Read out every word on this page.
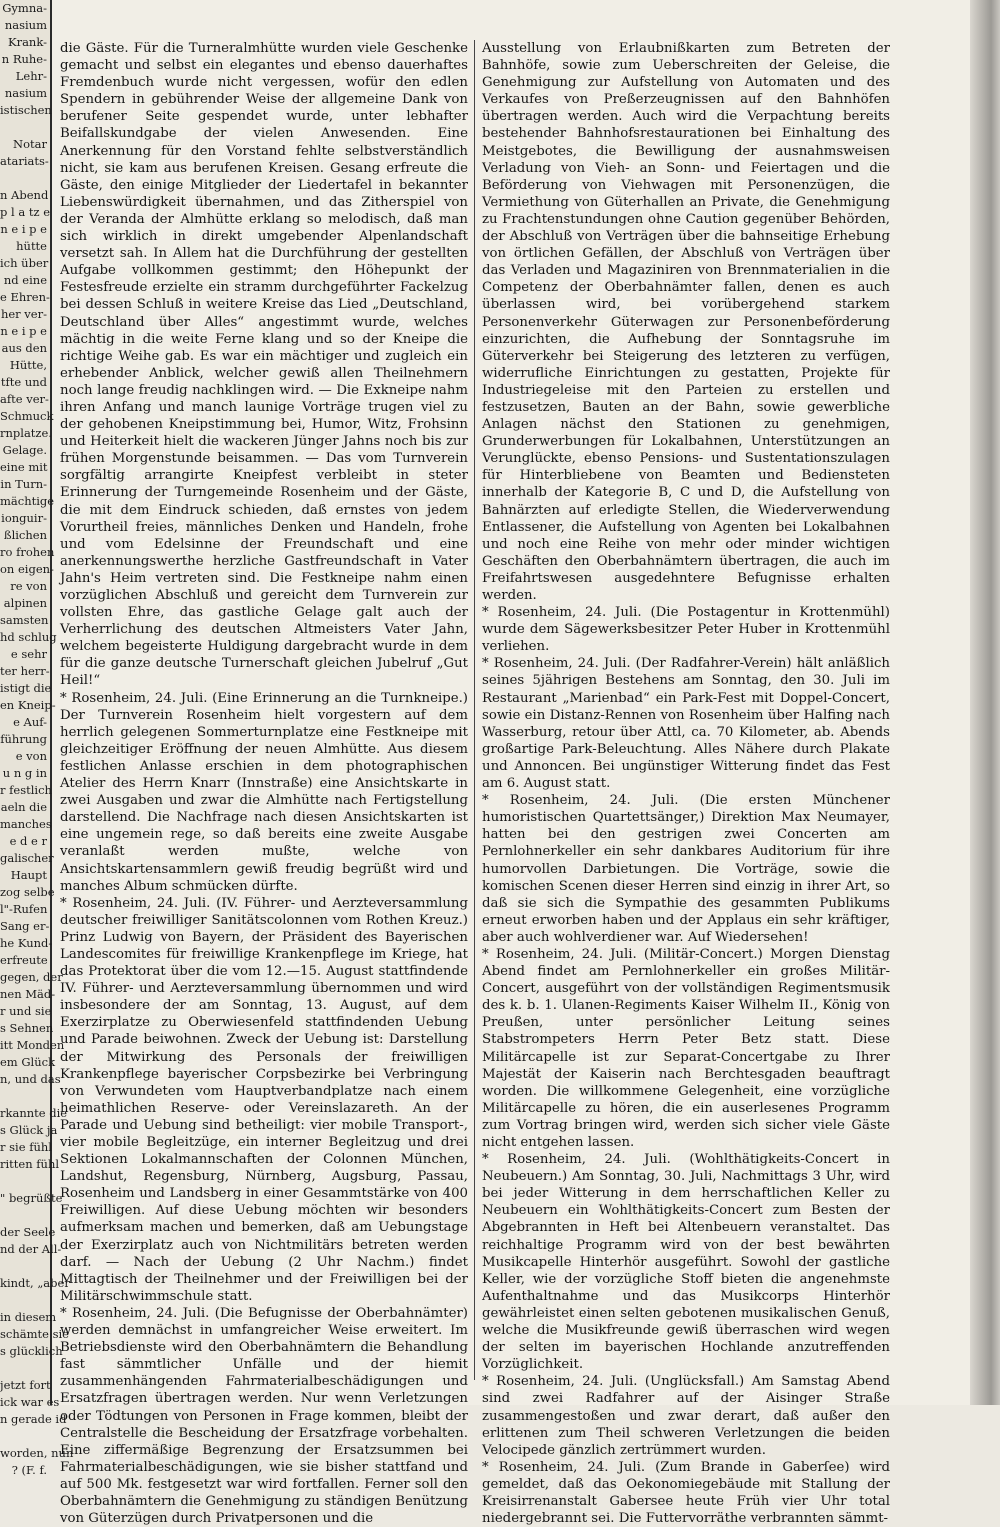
Gymna-
nasium
Krank-
n Ruhe-
Lehr-
nasium
istischen

Notar
atariats-

n Abend
p l a tz e
n e i p e
hütte
ich über
nd eine
e Ehren-
her ver-
n e i p e
aus den
Hütte,
tfte und
afte ver-
Schmuck
rnplatze.
Gelage.
eine mit
in Turn-
mächtige
ionguir-
ßlichen
ro frohen
on eigen-
re von
alpinen
samsten
hd schlug
e sehr
ter herr-
istigt die
en Kneip-
e Auf-
führung
e von
u n g in
r festlich
aeln die
manches
e d e r
galischer
Haupt
zog selbe
l"-Rufen
Sang er-
he Kund-
erfreute
gegen, der
nen Mäd-
r und sie
s Sehnen
itt Monden
em Glück
n, und das

rkannte die
s Glück ja
r sie fühl
ritten fühl

" begrüßte

der Seele
nd der All-

kindt, „aber

in diesem
schämte sie
s glücklich

jetzt fort
ick war es
n gerade id

worden, nun
? (F. f.

die Gäste. Für die Turneralmhütte wurden viele Geschenke gemacht und selbst ein elegantes und ebenso dauerhaftes Fremdenbuch wurde nicht vergessen, wofür den edlen Spendern in gebührender Weise der allgemeine Dank von berufener Seite gespendet wurde, unter lebhafter Beifallskundgabe der vielen Anwesenden. Eine Anerkennung für den Vorstand fehlte selbstverständlich nicht, sie kam aus berufenen Kreisen. Gesang erfreute die Gäste, den einige Mitglieder der Liedertafel in bekannter Liebenswürdigkeit übernahmen, und das Zitherspiel von der Veranda der Almhütte erklang so melodisch, daß man sich wirklich in direkt umgebender Alpenlandschaft versetzt sah. In Allem hat die Durchführung der gestellten Aufgabe vollkommen gestimmt; den Höhepunkt der Festesfreude erzielte ein stramm durchgeführter Fackelzug bei dessen Schluß in weitere Kreise das Lied „Deutschland, Deutschland über Alles“ angestimmt wurde, welches mächtig in die weite Ferne klang und so der Kneipe die richtige Weihe gab. Es war ein mächtiger und zugleich ein erhebender Anblick, welcher gewiß allen Theilnehmern noch lange freudig nachklingen wird. — Die Exkneipe nahm ihren Anfang und manch launige Vorträge trugen viel zu der gehobenen Kneipstimmung bei, Humor, Witz, Frohsinn und Heiterkeit hielt die wackeren Jünger Jahns noch bis zur frühen Morgenstunde beisammen. — Das vom Turnverein sorgfältig arrangirte Kneipfest verbleibt in steter Erinnerung der Turngemeinde Rosenheim und der Gäste, die mit dem Eindruck schieden, daß ernstes von jedem Vorurtheil freies, männliches Denken und Handeln, frohe und vom Edelsinne der Freundschaft und eine anerkennungswerthe herzliche Gastfreundschaft in Vater Jahn's Heim vertreten sind. Die Festkneipe nahm einen vorzüglichen Abschluß und gereicht dem Turnverein zur vollsten Ehre, das gastliche Gelage galt auch der Verherrlichung des deutschen Altmeisters Vater Jahn, welchem begeisterte Huldigung dargebracht wurde in dem für die ganze deutsche Turnerschaft gleichen Jubelruf „Gut Heil!“

* Rosenheim, 24. Juli. (Eine Erinnerung an die Turnkneipe.) Der Turnverein Rosenheim hielt vorgestern auf dem herrlich gelegenen Sommerturnplatze eine Festkneipe mit gleichzeitiger Eröffnung der neuen Almhütte. Aus diesem festlichen Anlasse erschien in dem photographischen Atelier des Herrn Knarr (Innstraße) eine Ansichtskarte in zwei Ausgaben und zwar die Almhütte nach Fertigstellung darstellend. Die Nachfrage nach diesen Ansichtskarten ist eine ungemein rege, so daß bereits eine zweite Ausgabe veranlaßt werden mußte, welche von Ansichtskartensammlern gewiß freudig begrüßt wird und manches Album schmücken dürfte.

* Rosenheim, 24. Juli. (IV. Führer- und Aerzteversammlung deutscher freiwilliger Sanitätscolonnen vom Rothen Kreuz.) Prinz Ludwig von Bayern, der Präsident des Bayerischen Landescomites für freiwillige Krankenpflege im Kriege, hat das Protektorat über die vom 12.—15. August stattfindende IV. Führer- und Aerzteversammlung übernommen und wird insbesondere der am Sonntag, 13. August, auf dem Exerzirplatze zu Oberwiesenfeld stattfindenden Uebung und Parade beiwohnen. Zweck der Uebung ist: Darstellung der Mitwirkung des Personals der freiwilligen Krankenpflege bayerischer Corpsbezirke bei Verbringung von Verwundeten vom Hauptverbandplatze nach einem heimathlichen Reserve- oder Vereinslazareth. An der Parade und Uebung sind betheiligt: vier mobile Transport-, vier mobile Begleitzüge, ein interner Begleitzug und drei Sektionen Lokalmannschaften der Colonnen München, Landshut, Regensburg, Nürnberg, Augsburg, Passau, Rosenheim und Landsberg in einer Gesammtstärke von 400 Freiwilligen. Auf diese Uebung möchten wir besonders aufmerksam machen und bemerken, daß am Uebungstage der Exerzirplatz auch von Nichtmilitärs betreten werden darf. — Nach der Uebung (2 Uhr Nachm.) findet Mittagtisch der Theilnehmer und der Freiwilligen bei der Militärschwimmschule statt.

* Rosenheim, 24. Juli. (Die Befugnisse der Oberbahnämter) werden demnächst in umfangreicher Weise erweitert. Im Betriebsdienste wird den Oberbahnämtern die Behandlung fast sämmtlicher Unfälle und der hiemit zusammenhängenden Fahrmaterialbeschädigungen und Ersatzfragen übertragen werden. Nur wenn Verletzungen oder Tödtungen von Personen in Frage kommen, bleibt der Centralstelle die Bescheidung der Ersatzfrage vorbehalten. Eine ziffermäßige Begrenzung der Ersatzsummen bei Fahrmaterialbeschädigungen, wie sie bisher stattfand und auf 500 Mk. festgesetzt war wird fortfallen. Ferner soll den Oberbahnämtern die Genehmigung zu ständigen Benützung von Güterzügen durch Privatpersonen und die

Ausstellung von Erlaubnißkarten zum Betreten der Bahnhöfe, sowie zum Ueberschreiten der Geleise, die Genehmigung zur Aufstellung von Automaten und des Verkaufes von Preßerzeugnissen auf den Bahnhöfen übertragen werden. Auch wird die Verpachtung bereits bestehender Bahnhofsrestaurationen bei Einhaltung des Meistgebotes, die Bewilligung der ausnahmsweisen Verladung von Vieh- an Sonn- und Feiertagen und die Beförderung von Viehwagen mit Personenzügen, die Vermiethung von Güterhallen an Private, die Genehmigung zu Frachtenstundungen ohne Caution gegenüber Behörden, der Abschluß von Verträgen über die bahnseitige Erhebung von örtlichen Gefällen, der Abschluß von Verträgen über das Verladen und Magaziniren von Brennmaterialien in die Competenz der Oberbahnämter fallen, denen es auch überlassen wird, bei vorübergehend starkem Personenverkehr Güterwagen zur Personenbeförderung einzurichten, die Aufhebung der Sonntagsruhe im Güterverkehr bei Steigerung des letzteren zu verfügen, widerrufliche Einrichtungen zu gestatten, Projekte für Industriegeleise mit den Parteien zu erstellen und festzusetzen, Bauten an der Bahn, sowie gewerbliche Anlagen nächst den Stationen zu genehmigen, Grunderwerbungen für Lokalbahnen, Unterstützungen an Verunglückte, ebenso Pensions- und Sustentationszulagen für Hinterbliebene von Beamten und Bediensteten innerhalb der Kategorie B, C und D, die Aufstellung von Bahnärzten auf erledigte Stellen, die Wiederverwendung Entlassener, die Aufstellung von Agenten bei Lokalbahnen und noch eine Reihe von mehr oder minder wichtigen Geschäften den Oberbahnämtern übertragen, die auch im Freifahrtswesen ausgedehntere Befugnisse erhalten werden.

* Rosenheim, 24. Juli. (Die Postagentur in Krottenmühl) wurde dem Sägewerksbesitzer Peter Huber in Krottenmühl verliehen.

* Rosenheim, 24. Juli. (Der Radfahrer-Verein) hält anläßlich seines 5jährigen Bestehens am Sonntag, den 30. Juli im Restaurant „Marienbad“ ein Park-Fest mit Doppel-Concert, sowie ein Distanz-Rennen von Rosenheim über Halfing nach Wasserburg, retour über Attl, ca. 70 Kilometer, ab. Abends großartige Park-Beleuchtung. Alles Nähere durch Plakate und Annoncen. Bei ungünstiger Witterung findet das Fest am 6. August statt.

* Rosenheim, 24. Juli. (Die ersten Münchener humoristischen Quartettsänger,) Direktion Max Neumayer, hatten bei den gestrigen zwei Concerten am Pernlohnerkeller ein sehr dankbares Auditorium für ihre humorvollen Darbietungen. Die Vorträge, sowie die komischen Scenen dieser Herren sind einzig in ihrer Art, so daß sie sich die Sympathie des gesammten Publikums erneut erworben haben und der Applaus ein sehr kräftiger, aber auch wohlverdiener war. Auf Wiedersehen!

* Rosenheim, 24. Juli. (Militär-Concert.) Morgen Dienstag Abend findet am Pernlohnerkeller ein großes Militär-Concert, ausgeführt von der vollständigen Regimentsmusik des k. b. 1. Ulanen-Regiments Kaiser Wilhelm II., König von Preußen, unter persönlicher Leitung seines Stabstrompeters Herrn Peter Betz statt. Diese Militärcapelle ist zur Separat-Concertgabe zu Ihrer Majestät der Kaiserin nach Berchtesgaden beauftragt worden. Die willkommene Gelegenheit, eine vorzügliche Militärcapelle zu hören, die ein auserlesenes Programm zum Vortrag bringen wird, werden sich sicher viele Gäste nicht entgehen lassen.

* Rosenheim, 24. Juli. (Wohlthätigkeits-Concert in Neubeuern.) Am Sonntag, 30. Juli, Nachmittags 3 Uhr, wird bei jeder Witterung in dem herrschaftlichen Keller zu Neubeuern ein Wohlthätigkeits-Concert zum Besten der Abgebrannten in Heft bei Altenbeuern veranstaltet. Das reichhaltige Programm wird von der best bewährten Musikcapelle Hinterhör ausgeführt. Sowohl der gastliche Keller, wie der vorzügliche Stoff bieten die angenehmste Aufenthaltnahme und das Musikcorps Hinterhör gewährleistet einen selten gebotenen musikalischen Genuß, welche die Musikfreunde gewiß überraschen wird wegen der selten im bayerischen Hochlande anzutreffenden Vorzüglichkeit.

* Rosenheim, 24. Juli. (Unglücksfall.) Am Samstag Abend sind zwei Radfahrer auf der Aisinger Straße zusammengestoßen und zwar derart, daß außer den erlittenen zum Theil schweren Verletzungen die beiden Velocipede gänzlich zertrümmert wurden.

* Rosenheim, 24. Juli. (Zum Brande in Gaberſee) wird gemeldet, daß das Oekonomiegebäude mit Stallung der Kreisirrenanstalt Gabersee heute Früh vier Uhr total niedergebrannt sei. Die Futtervorräthe verbrannten sämmt-
